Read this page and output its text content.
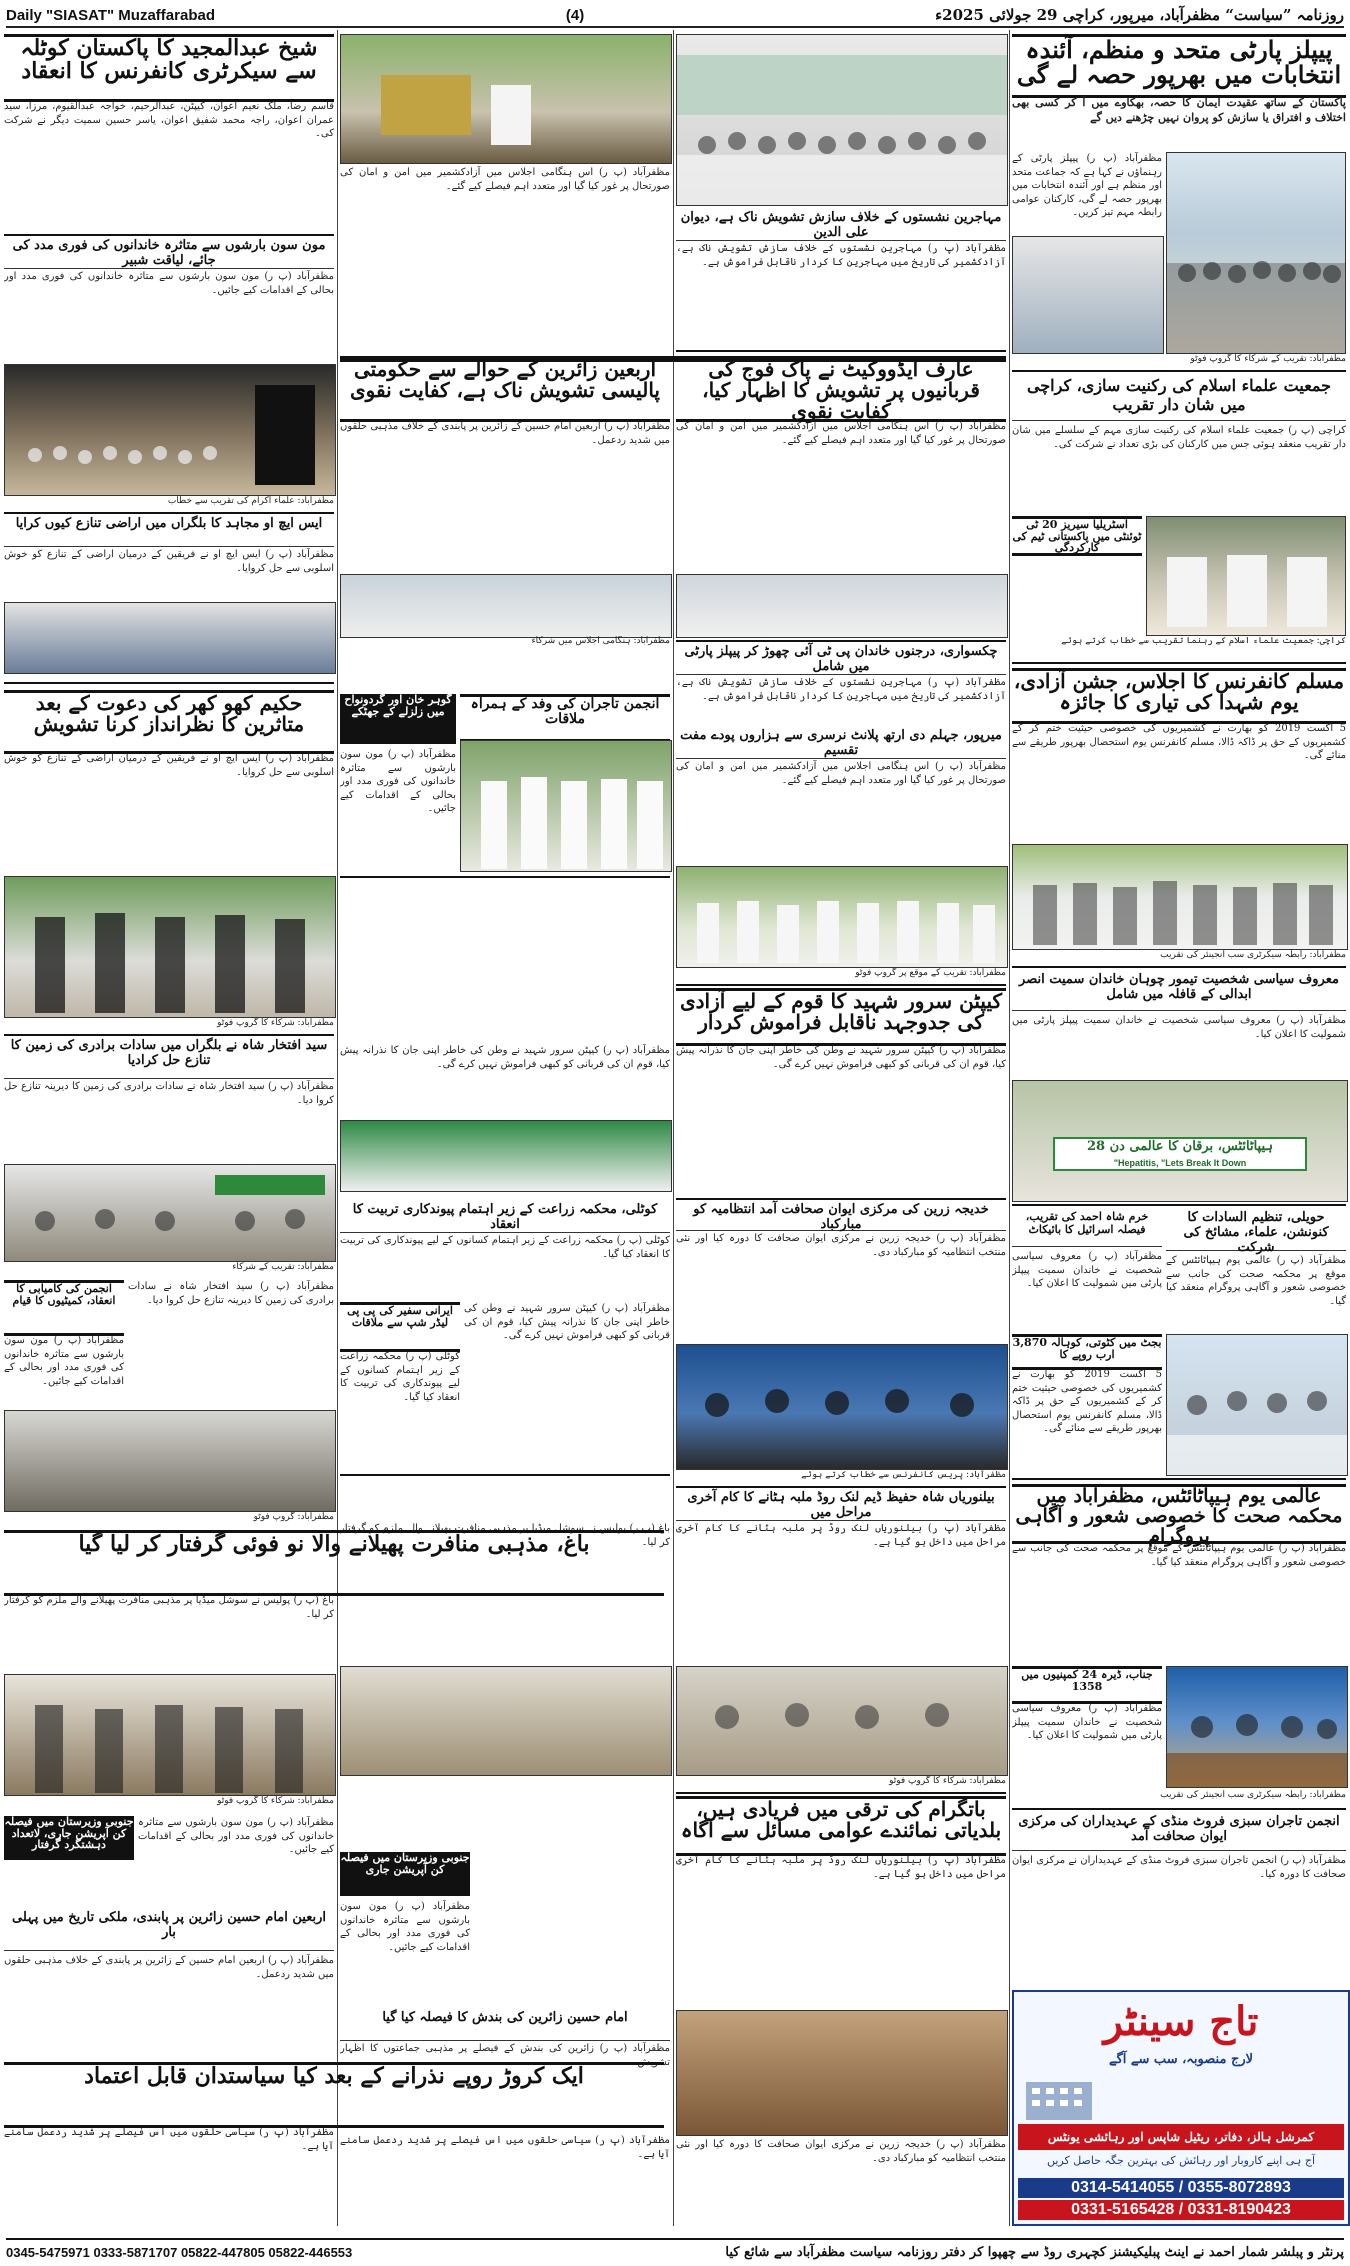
Daily "SIASAT" Muzaffarabad	(4)	روزنامہ ”سیاست“ مظفرآباد، میرپور، کراچی 29 جولائی 2025ء
پیپلز پارٹی متحد و منظم، آئندہ انتخابات میں بھرپور حصہ لے گی
پاکستان کے ساتھ عقیدت ایمان کا حصہ، بھکاوے میں آ کر کسی بھی اختلاف و افتراق یا سازش کو پروان نہیں چڑھنے دیں گے
مظفرآباد (پ ر) پیپلز پارٹی کے رہنماؤں نے کہا ہے کہ جماعت متحد اور منظم ہے اور آئندہ انتخابات میں بھرپور حصہ لے گی، کارکنان عوامی رابطہ مہم تیز کریں۔
مظفرآباد: تقریب کے شرکاء کا گروپ فوٹو
جمعیت علماء اسلام کی رکنیت سازی، کراچی میں شان دار تقریب
کراچی (پ ر) جمعیت علماء اسلام کی رکنیت سازی مہم کے سلسلے میں شان دار تقریب منعقد ہوئی جس میں کارکنان کی بڑی تعداد نے شرکت کی۔
آسٹریلیا سیریز 20 ٹی ٹوئنٹی میں پاکستانی ٹیم کی کارکردگی
کراچی: جمعیت علماء اسلام کے رہنما تقریب سے خطاب کرتے ہوئے
مسلم کانفرنس کا اجلاس، جشن آزادی، یوم شہدا کی تیاری کا جائزہ
5 اگست 2019 کو بھارت نے کشمیریوں کی خصوصی حیثیت ختم کر کے کشمیریوں کے حق پر ڈاکہ ڈالا، مسلم کانفرنس یوم استحصال بھرپور طریقے سے منائے گی۔
مظفرآباد: رابطہ سیکرٹری سب انجینئر کی تقریب
معروف سیاسی شخصیت تیمور چوہان خاندان سمیت انصر ابدالی کے قافلہ میں شامل
مظفرآباد (پ ر) معروف سیاسی شخصیت نے خاندان سمیت پیپلز پارٹی میں شمولیت کا اعلان کیا۔
ہیپاٹائٹس، برقان کا عالمی دن 28
Hepatitis, "Lets Break It Down"
خرم شاہ احمد کی تقریب، فیصلہ اسرائیل کا بائیکاٹ
مظفرآباد (پ ر) معروف سیاسی شخصیت نے خاندان سمیت پیپلز پارٹی میں شمولیت کا اعلان کیا۔
حویلی، تنظیم السادات کا کنونشن، علماء، مشائخ کی شرکت
مظفرآباد (پ ر) عالمی یوم ہیپاٹائٹس کے موقع پر محکمہ صحت کی جانب سے خصوصی شعور و آگاہی پروگرام منعقد کیا گیا۔
بجٹ میں کٹوتی، کوہالہ 3,870 ارب روپے کا
5 اگست 2019 کو بھارت نے کشمیریوں کی خصوصی حیثیت ختم کر کے کشمیریوں کے حق پر ڈاکہ ڈالا، مسلم کانفرنس یوم استحصال بھرپور طریقے سے منائے گی۔
عالمی یوم ہیپاٹائٹس، مظفرآباد میں محکمہ صحت کا خصوصی شعور و آگاہی پروگرام
مظفرآباد (پ ر) عالمی یوم ہیپاٹائٹس کے موقع پر محکمہ صحت کی جانب سے خصوصی شعور و آگاہی پروگرام منعقد کیا گیا۔
جناب، ڈیرہ 24 کمپنیوں میں 1358
مظفرآباد (پ ر) معروف سیاسی شخصیت نے خاندان سمیت پیپلز پارٹی میں شمولیت کا اعلان کیا۔
مظفرآباد: رابطہ سیکرٹری سب انجینئر کی تقریب
انجمن تاجران سبزی فروٹ منڈی کے عہدیداران کی مرکزی ایوان صحافت آمد
مظفرآباد (پ ر) انجمن تاجران سبزی فروٹ منڈی کے عہدیداران نے مرکزی ایوان صحافت کا دورہ کیا۔
تاج سینٹر
لارج منصوبہ، سب سے آگے
کمرشل ہالز، دفاتر، ریٹیل شاپس اور رہائشی یونٹس
آج ہی اپنے کاروبار اور رہائش کی بہترین جگہ حاصل کریں
0314-5414055 / 0355-8072893
0331-5165428 / 0331-8190423
مہاجرین نشستوں کے خلاف سازش تشویش ناک ہے، دیوان علی الدین
مظفرآباد (پ ر) مہاجرین نشستوں کے خلاف سازش تشویش ناک ہے، آزادکشمیر کی تاریخ میں مہاجرین کا کردار ناقابل فراموش ہے۔
عارف ایڈووکیٹ نے پاک فوج کی قربانیوں پر تشویش کا اظہار کیا، کفایت نقوی
مظفرآباد (پ ر) اس ہنگامی اجلاس میں آزادکشمیر میں امن و امان کی صورتحال پر غور کیا گیا اور متعدد اہم فیصلے کیے گئے۔
چکسواری، درجنوں خاندان پی ٹی آئی چھوڑ کر پیپلز پارٹی میں شامل
مظفرآباد (پ ر) مہاجرین نشستوں کے خلاف سازش تشویش ناک ہے، آزادکشمیر کی تاریخ میں مہاجرین کا کردار ناقابل فراموش ہے۔
میرپور، جہلم دی ارتھ پلانٹ نرسری سے ہزاروں پودے مفت تقسیم
مظفرآباد (پ ر) اس ہنگامی اجلاس میں آزادکشمیر میں امن و امان کی صورتحال پر غور کیا گیا اور متعدد اہم فیصلے کیے گئے۔
مظفرآباد: تقریب کے موقع پر گروپ فوٹو
کیپٹن سرور شہید کا قوم کے لیے آزادی کی جدوجہد ناقابل فراموش کردار
مظفرآباد (پ ر) کیپٹن سرور شہید نے وطن کی خاطر اپنی جان کا نذرانہ پیش کیا، قوم ان کی قربانی کو کبھی فراموش نہیں کرے گی۔
خدیجہ زرین کی مرکزی ایوان صحافت آمد انتظامیہ کو مبارکباد
مظفرآباد (پ ر) خدیجہ زرین نے مرکزی ایوان صحافت کا دورہ کیا اور نئی منتخب انتظامیہ کو مبارکباد دی۔
مظفرآباد: پریس کانفرنس سے خطاب کرتے ہوئے
بیلنوریاں شاہ حفیظ ڈیم لنک روڈ ملبہ ہٹانے کا کام آخری مراحل میں
مظفرآباد (پ ر) بیلنوریاں لنک روڈ پر ملبہ ہٹانے کا کام آخری مراحل میں داخل ہو گیا ہے۔
مظفرآباد: شرکاء کا گروپ فوٹو
باتگرام کی ترقی میں فریادی ہیں، بلدیاتی نمائندے عوامی مسائل سے آگاہ
مظفرآباد (پ ر) بیلنوریاں لنک روڈ پر ملبہ ہٹانے کا کام آخری مراحل میں داخل ہو گیا ہے۔
مظفرآباد (پ ر) خدیجہ زرین نے مرکزی ایوان صحافت کا دورہ کیا اور نئی منتخب انتظامیہ کو مبارکباد دی۔
مظفرآباد (پ ر) اس ہنگامی اجلاس میں آزادکشمیر میں امن و امان کی صورتحال پر غور کیا گیا اور متعدد اہم فیصلے کیے گئے۔
اربعین زائرین کے حوالے سے حکومتی پالیسی تشویش ناک ہے، کفایت نقوی
مظفرآباد (پ ر) اربعین امام حسین کے زائرین پر پابندی کے خلاف مذہبی حلقوں میں شدید ردعمل۔
مظفرآباد: ہنگامی اجلاس میں شرکاء
انجمن تاجران کی وفد کے ہمراہ ملاقات
گوہر خان اور گردونواح میں زلزلے کے جھٹکے
مظفرآباد (پ ر) مون سون بارشوں سے متاثرہ خاندانوں کی فوری مدد اور بحالی کے اقدامات کیے جائیں۔
مظفرآباد (پ ر) کیپٹن سرور شہید نے وطن کی خاطر اپنی جان کا نذرانہ پیش کیا، قوم ان کی قربانی کو کبھی فراموش نہیں کرے گی۔
کوٹلی، محکمہ زراعت کے زیر اہتمام پیوندکاری تربیت کا انعقاد
کوٹلی (پ ر) محکمہ زراعت کے زیر اہتمام کسانوں کے لیے پیوندکاری کی تربیت کا انعقاد کیا گیا۔
ایرانی سفیر کی پی پی لیڈر شپ سے ملاقات
کوٹلی (پ ر) محکمہ زراعت کے زیر اہتمام کسانوں کے لیے پیوندکاری کی تربیت کا انعقاد کیا گیا۔
مظفرآباد (پ ر) کیپٹن سرور شہید نے وطن کی خاطر اپنی جان کا نذرانہ پیش کیا، قوم ان کی قربانی کو کبھی فراموش نہیں کرے گی۔
باغ (پ ر) پولیس نے سوشل میڈیا پر مذہبی منافرت پھیلانے والے ملزم کو گرفتار کر لیا۔
جنوبی وزیرستان میں فیصلہ کن آپریشن جاری
مظفرآباد (پ ر) مون سون بارشوں سے متاثرہ خاندانوں کی فوری مدد اور بحالی کے اقدامات کیے جائیں۔
امام حسین زائرین کی بندش کا فیصلہ کیا گیا
مظفرآباد (پ ر) زائرین کی بندش کے فیصلے پر مذہبی جماعتوں کا اظہار تشویش۔
مظفرآباد (پ ر) سیاسی حلقوں میں اس فیصلے پر شدید ردعمل سامنے آیا ہے۔
شیخ عبدالمجید کا پاکستان کوٹلہ سے سیکرٹری کانفرنس کا انعقاد
قاسم رضا، ملک نعیم اعوان، کیپٹن، عبدالرحیم، خواجہ عبدالقیوم، مرزا، سید عمران اعوان، راجہ محمد شفیق اعوان، یاسر حسین سمیت دیگر نے شرکت کی۔
مون سون بارشوں سے متاثرہ خاندانوں کی فوری مدد کی جائے، لیاقت شبیر
مظفرآباد (پ ر) مون سون بارشوں سے متاثرہ خاندانوں کی فوری مدد اور بحالی کے اقدامات کیے جائیں۔
مظفرآباد: علماء اکرام کی تقریب سے خطاب
ایس ایچ او مجاہد کا بلگراں میں اراضی تنازع کیوں کرایا
مظفرآباد (پ ر) ایس ایچ او نے فریقین کے درمیان اراضی کے تنازع کو خوش اسلوبی سے حل کروایا۔
حکیم کھو کھر کی دعوت کے بعد متاثرین کا نظرانداز کرنا تشویش
مظفرآباد (پ ر) ایس ایچ او نے فریقین کے درمیان اراضی کے تنازع کو خوش اسلوبی سے حل کروایا۔
مظفرآباد: شرکاء کا گروپ فوٹو
سید افتخار شاہ نے بلگراں میں سادات برادری کی زمین کا تنازع حل کرادیا
مظفرآباد (پ ر) سید افتخار شاہ نے سادات برادری کی زمین کا دیرینہ تنازع حل کروا دیا۔
مظفرآباد: تقریب کے شرکاء
انجمن کی کامیابی کا انعقاد، کمیٹیوں کا قیام
مظفرآباد (پ ر) مون سون بارشوں سے متاثرہ خاندانوں کی فوری مدد اور بحالی کے اقدامات کیے جائیں۔
مظفرآباد (پ ر) سید افتخار شاہ نے سادات برادری کی زمین کا دیرینہ تنازع حل کروا دیا۔
مظفرآباد: گروپ فوٹو
باغ، مذہبی منافرت پھیلانے والا نو فوئی گرفتار کر لیا گیا
باغ (پ ر) پولیس نے سوشل میڈیا پر مذہبی منافرت پھیلانے والے ملزم کو گرفتار کر لیا۔
مظفرآباد: شرکاء کا گروپ فوٹو
جنوبی وزیرستان میں فیصلہ کن آپریشن جاری، لاتعداد دہشتگرد گرفتار
مظفرآباد (پ ر) مون سون بارشوں سے متاثرہ خاندانوں کی فوری مدد اور بحالی کے اقدامات کیے جائیں۔
اربعین امام حسین زائرین پر پابندی، ملکی تاریخ میں پہلی بار
مظفرآباد (پ ر) اربعین امام حسین کے زائرین پر پابندی کے خلاف مذہبی حلقوں میں شدید ردعمل۔
ایک کروڑ روپے نذرانے کے بعد کیا سیاستدان قابل اعتماد
مظفرآباد (پ ر) سیاسی حلقوں میں اس فیصلے پر شدید ردعمل سامنے آیا ہے۔
پرنٹر و پبلشر شمار احمد نے اینٹ پبلیکیشنز کچہری روڈ سے چھپوا کر دفتر روزنامہ سیاست مظفرآباد سے شائع کیا
0345-5475971 0333-5871707 05822-447805 05822-446553
